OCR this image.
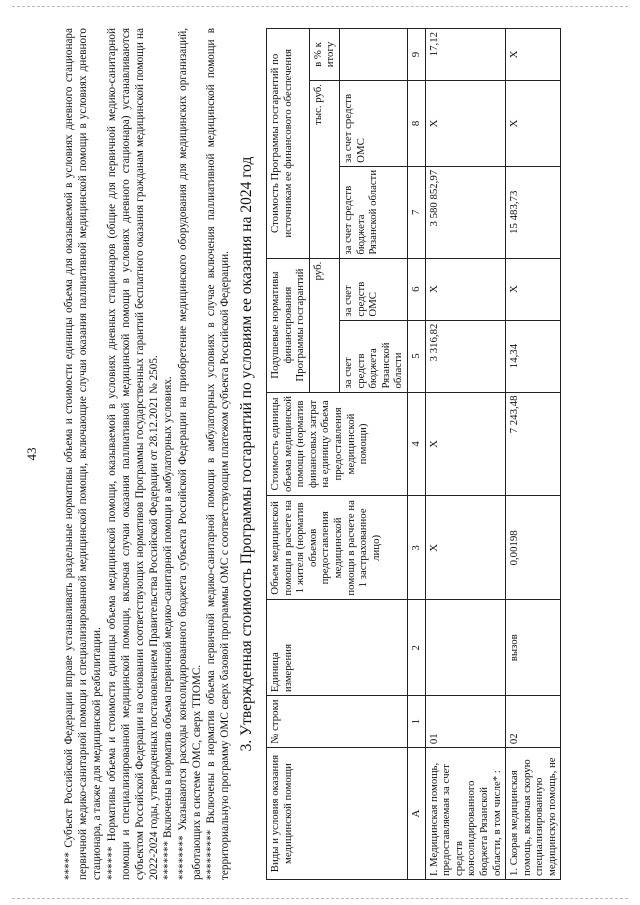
43 ***** Субъект Российской Федерации вправе устанавливать раздельные нормативы объема и стоимости единицы объема для оказываемой в условиях дневного стационара первичной медико-санитарной помощи и специализированной медицинской помощи, включающие случаи оказания паллиативной медицинской помощи в условиях дневного стационара, а также для медицинской реабилитации. ****** Нормативы объема и стоимости единицы объема медицинской помощи, оказываемой в условиях дневных стационаров (общие для первичной медико-санитарной помощи и специализированной медицинской помощи, включая случаи оказания паллиативной медицинской помощи в условиях дневного стационара) устанавливаются субъектом Российской Федерации на основании соответствующих нормативов Программы государственных гарантий бесплатного оказания гражданам медицинской помощи на 2022-2024 годы, утвержденных постановлением Правительства Российской Федерации от 28.12.2021 № 2505. ******* Включены в норматив объема первичной медико-санитарной помощи в амбулаторных условиях. ******** Указываются расходы консолидированного бюджета субъекта Российской Федерации на приобретение медицинского оборудования для медицинских организаций, работающих в системе ОМС, сверх ТПОМС. ********* Включены в норматив объема первичной медико-санитарной помощи в амбулаторных условиях в случае включения паллиативной медицинской помощи в территориальную программу ОМС сверх базовой программы ОМС с соответствующим платежом субъекта Российской Федерации. 3. Утвержденная стоимость Программы госгарантий по условиям ее оказания на 2024 год
Виды и условия оказания медицинской помощи	№ строки	Единица измерения	Объем медицинской помощи в расчете на 1 жителя (норматив объемов предоставления медицинской помощи в расчете на 1 застрахованное лицо)	Стоимость единицы объема медицинской помощи (норматив финансовых затрат на единицу объема предоставления медицинской помощи)	Подушевые нормативы финансирования Программы госгарантий		Стоимость Программы госгарантий по источникам ее финансового обеспечения		
					руб.		тыс. руб.		в % к итогу
					за счет средств бюджета Рязанской области	за счет средств ОМС	за счет средств бюджета Рязанской области	за счет средств ОМС	
А	1	2	3	4	5	6	7	8	9
I. Медицинская помощь, предоставляемая за счет средств консолидированного бюджета Рязанской области, в том числе* :	01		Х	Х	3 316,82	Х	3 580 852,97	Х	17,12
1. Скорая медицинская помощь, включая скорую специализированную медицинскую помощь, не	02	вызов	0,00198	7 243,48	14,34	Х	15 483,73	Х	Х
